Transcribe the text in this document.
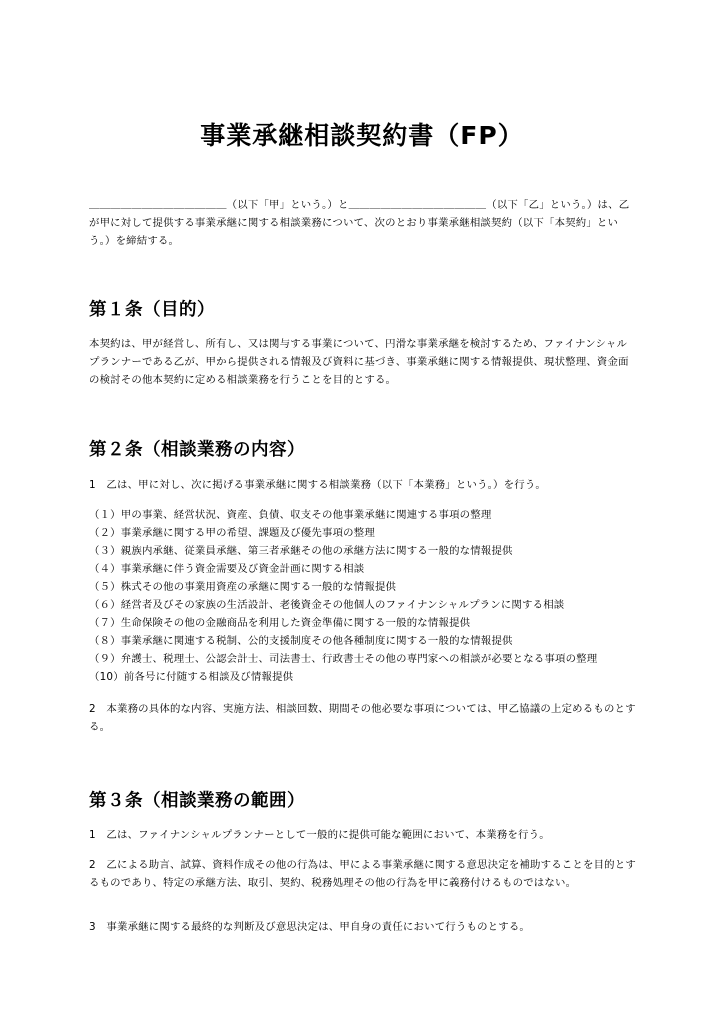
事業承継相談契約書（FP）

＿＿＿＿＿＿＿＿＿＿＿＿＿（以下「甲」という。）と＿＿＿＿＿＿＿＿＿＿＿＿＿（以下「乙」という。）は、乙が甲に対して提供する事業承継に関する相談業務について、次のとおり事業承継相談契約（以下「本契約」という。）を締結する。

第１条（目的）

本契約は、甲が経営し、所有し、又は関与する事業について、円滑な事業承継を検討するため、ファイナンシャルプランナーである乙が、甲から提供される情報及び資料に基づき、事業承継に関する情報提供、現状整理、資金面の検討その他本契約に定める相談業務を行うことを目的とする。

第２条（相談業務の内容）

1　乙は、甲に対し、次に掲げる事業承継に関する相談業務（以下「本業務」という。）を行う。

（１）甲の事業、経営状況、資産、負債、収支その他事業承継に関連する事項の整理
（２）事業承継に関する甲の希望、課題及び優先事項の整理
（３）親族内承継、従業員承継、第三者承継その他の承継方法に関する一般的な情報提供
（４）事業承継に伴う資金需要及び資金計画に関する相談
（５）株式その他の事業用資産の承継に関する一般的な情報提供
（６）経営者及びその家族の生活設計、老後資金その他個人のファイナンシャルプランに関する相談
（７）生命保険その他の金融商品を利用した資金準備に関する一般的な情報提供
（８）事業承継に関連する税制、公的支援制度その他各種制度に関する一般的な情報提供
（９）弁護士、税理士、公認会計士、司法書士、行政書士その他の専門家への相談が必要となる事項の整理
（10）前各号に付随する相談及び情報提供

2　本業務の具体的な内容、実施方法、相談回数、期間その他必要な事項については、甲乙協議の上定めるものとする。

第３条（相談業務の範囲）

1　乙は、ファイナンシャルプランナーとして一般的に提供可能な範囲において、本業務を行う。

2　乙による助言、試算、資料作成その他の行為は、甲による事業承継に関する意思決定を補助することを目的とするものであり、特定の承継方法、取引、契約、税務処理その他の行為を甲に義務付けるものではない。

3　事業承継に関する最終的な判断及び意思決定は、甲自身の責任において行うものとする。
